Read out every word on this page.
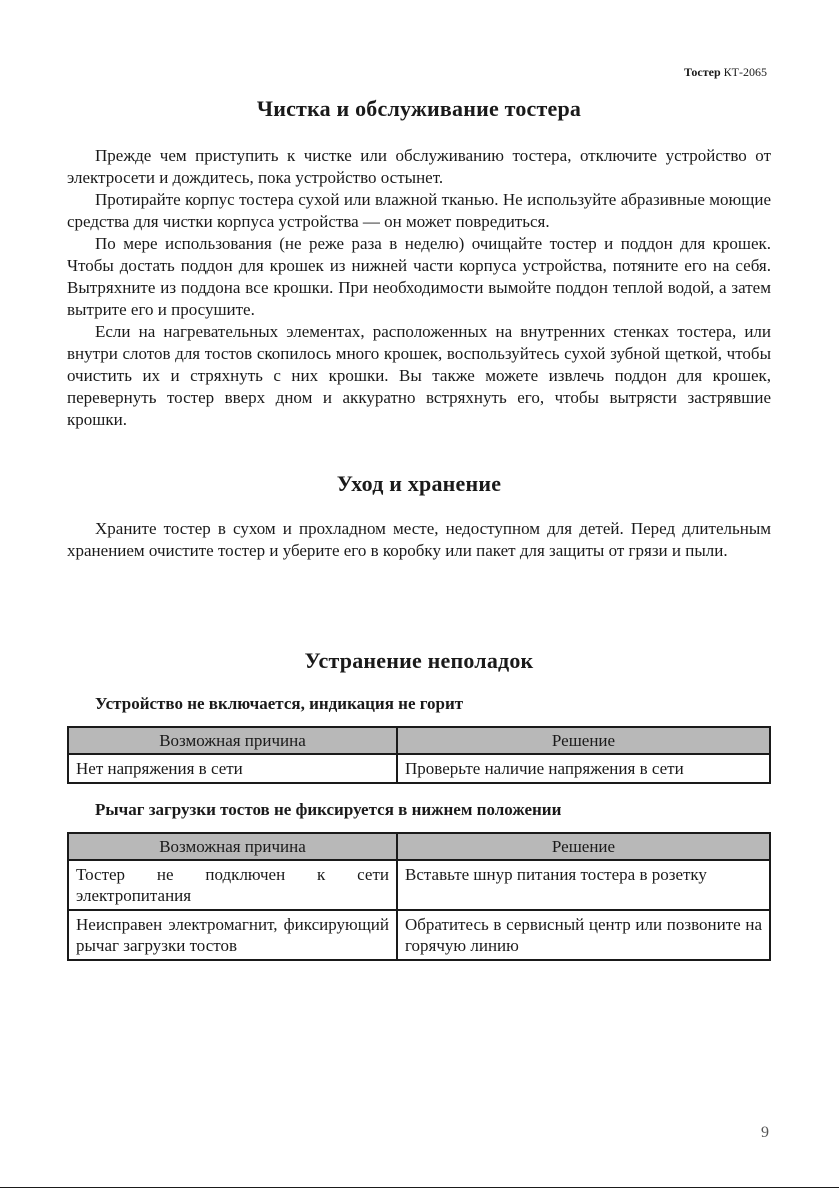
Тостер КТ-2065
Чистка и обслуживание тостера

Прежде чем приступить к чистке или обслуживанию тостера, отключите устройство от электросети и дождитесь, пока устройство остынет.

Протирайте корпус тостера сухой или влажной тканью. Не используйте абразивные моющие средства для чистки корпуса устройства — он может повредиться.

По мере использования (не реже раза в неделю) очищайте тостер и поддон для крошек. Чтобы достать поддон для крошек из нижней части корпуса устройства, потяните его на себя. Вытряхните из поддона все крошки. При необходимости вымойте поддон теплой водой, а затем вытрите его и просушите.

Если на нагревательных элементах, расположенных на внутренних стенках тостера, или внутри слотов для тостов скопилось много крошек, воспользуйтесь сухой зубной щеткой, чтобы очистить их и стряхнуть с них крошки. Вы также можете извлечь поддон для крошек, перевернуть тостер вверх дном и аккуратно встряхнуть его, чтобы вытрясти застрявшие крошки.

Уход и хранение

Храните тостер в сухом и прохладном месте, недоступном для детей. Перед длительным хранением очистите тостер и уберите его в коробку или пакет для защиты от грязи и пыли.

Устранение неполадок
Устройство не включается, индикация не горит
Возможная причина	Решение
Нет напряжения в сети	Проверьте наличие напряжения в сети
Рычаг загрузки тостов не фиксируется в нижнем положении
Возможная причина	Решение
Тостер не подключен к сети электропитания	Вставьте шнур питания тостера в розетку
Неисправен электромагнит, фиксирующий рычаг загрузки тостов	Обратитесь в сервисный центр или позвоните на горячую линию
9
